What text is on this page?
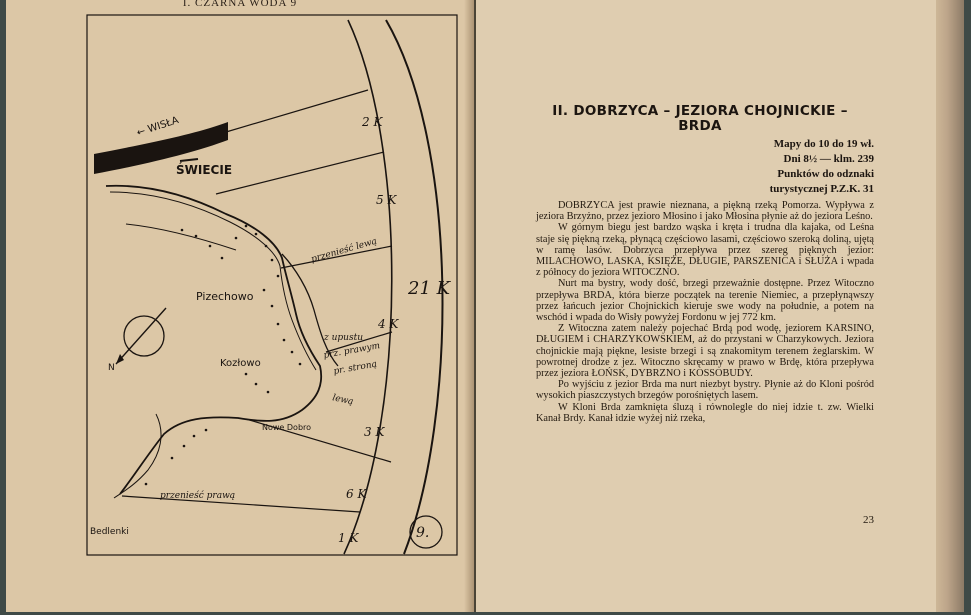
I. CZARNA WODA 9
N
← WISŁA
ŚWIECIE
Pizechowo
Kozłowo
Nowe Dobro
Bedlenki
2 K
5 K
4 K
3 K
6 K
1 K
21 K
przenieść lewą
z upustu
prz. prawym
pr. stroną
lewą
przenieść prawą
9.
II. DOBRZYCA – JEZIORA CHOJNICKIE – BRDA
Mapy do 10 do 19 wł.
Dni 8½ — klm. 239
Punktów do odznaki
turystycznej P.Z.K. 31

DOBRZYCA jest prawie nieznana, a piękną rzeką Pomorza. Wypływa z jeziora Brzyżno, przez jezioro Młosino i jako Młosina płynie aż do jeziora Leśno.

W górnym biegu jest bardzo wąska i kręta i trudna dla kajaka, od Leśna staje się piękną rzeką, płynącą częściowo lasami, częściowo szeroką doliną, ujętą w ramę lasów. Dobrzyca przepływa przez szereg pięknych jezior: MILACHOWO, LASKA, KSIĘŻE, DŁUGIE, PARSZENICA i SŁUŻA i wpada z północy do jeziora WITOCZNO.

Nurt ma bystry, wody dość, brzegi przeważnie dostępne. Przez Witoczno przepływa BRDA, która bierze początek na terenie Niemiec, a przepłynąwszy przez łańcuch jezior Chojnickich kieruje swe wody na południe, a potem na wschód i wpada do Wisły powyżej Fordonu w jej 772 km.

Z Witoczna zatem należy pojechać Brdą pod wodę, jeziorem KARSINO, DŁUGIEM i CHARZYKOWSKIEM, aż do przystani w Charzykowych. Jeziora chojnickie mają piękne, lesiste brzegi i są znakomitym terenem żeglarskim. W powrotnej drodze z jez. Witoczno skręcamy w prawo w Brdę, która przepływa przez jeziora ŁOŃSK, DYBRZNO i KOSSOBUDY.

Po wyjściu z jezior Brda ma nurt niezbyt bystry. Płynie aż do Kloni pośród wysokich piaszczystych brzegów porośniętych lasem.

W Kloni Brda zamknięta śluzą i równolegle do niej idzie t. zw. Wielki Kanał Brdy. Kanał idzie wyżej niż rzeka,

23
